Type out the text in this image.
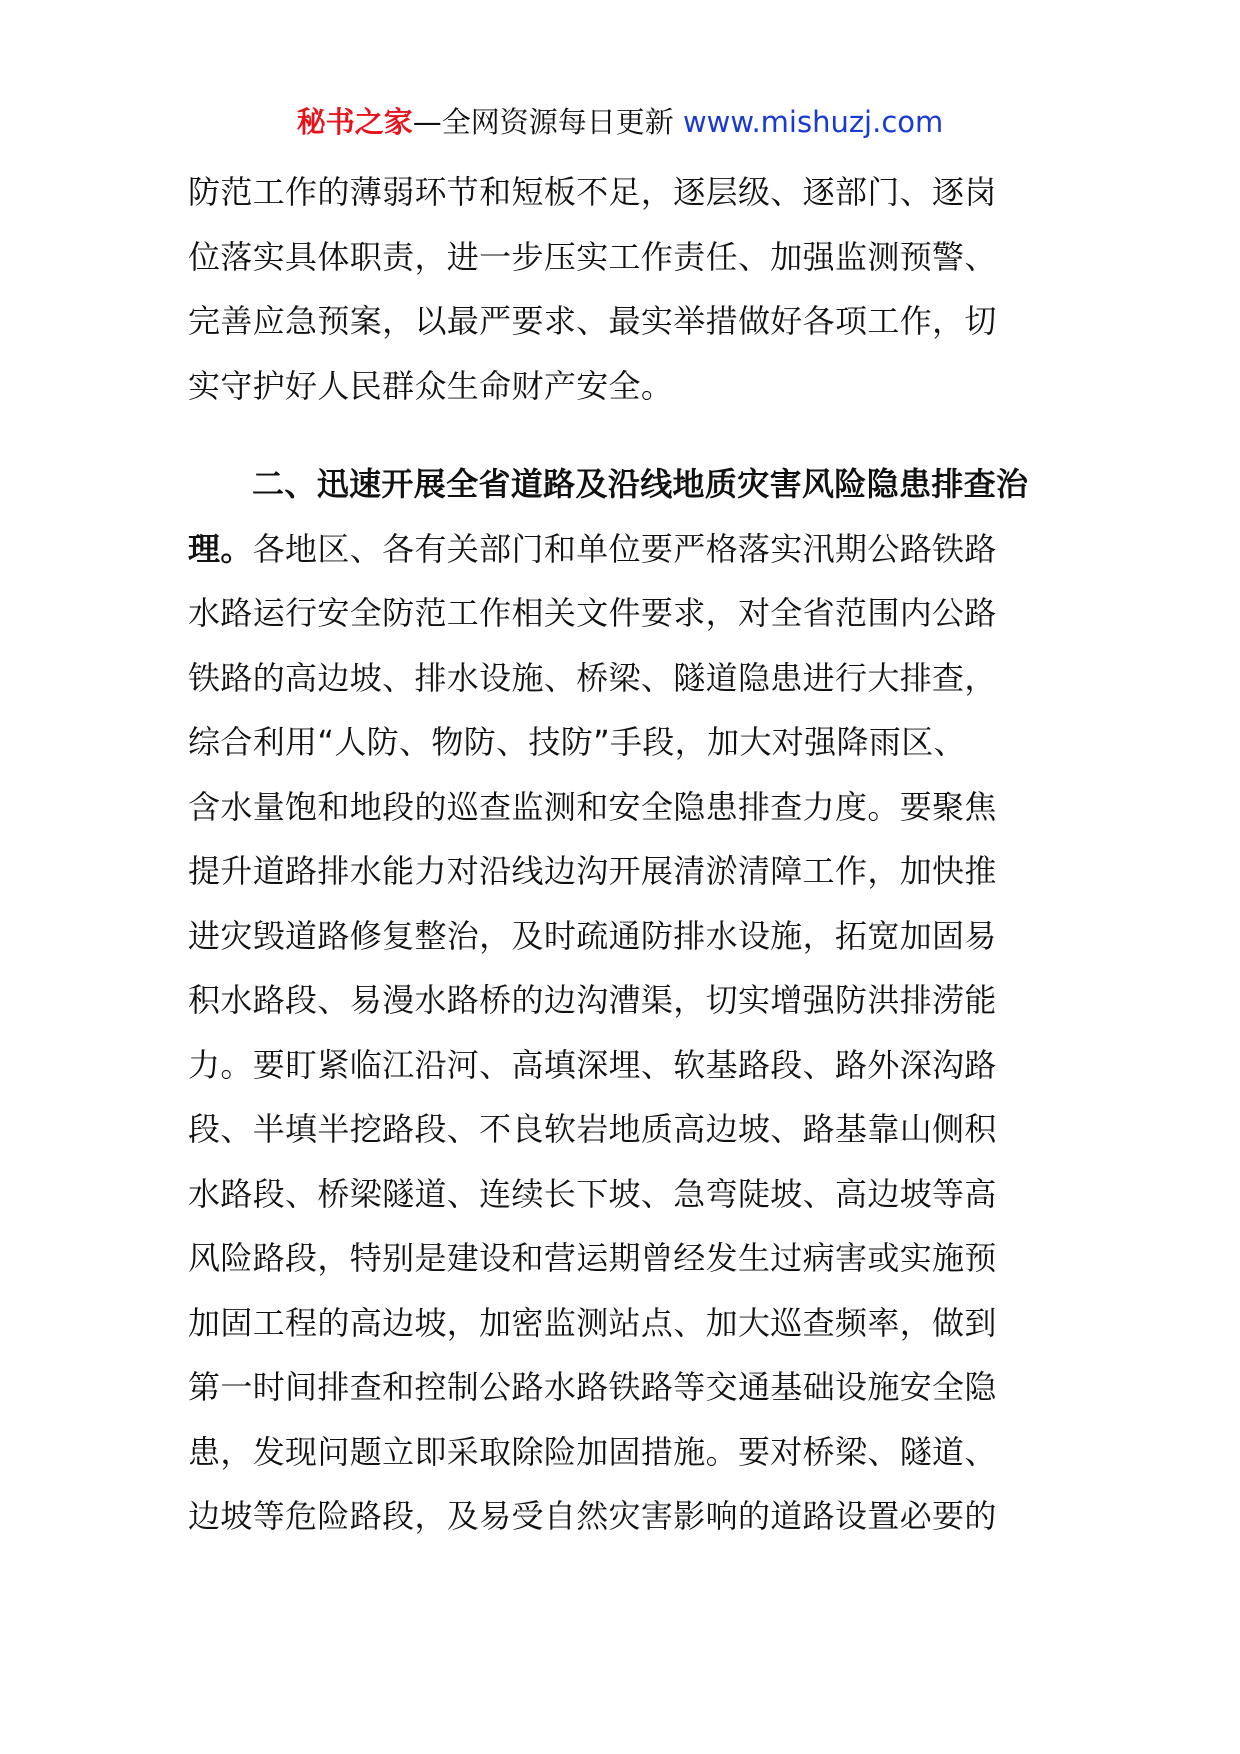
秘书之家—全网资源每日更新 www.mishuzj.com
防范工作的薄弱环节和短板不足，逐层级、逐部门、逐岗
位落实具体职责，进一步压实工作责任、加强监测预警、
完善应急预案，以最严要求、最实举措做好各项工作，切
实守护好人民群众生命财产安全。
二、迅速开展全省道路及沿线地质灾害风险隐患排查治
理。各地区、各有关部门和单位要严格落实汛期公路铁路
水路运行安全防范工作相关文件要求，对全省范围内公路
铁路的高边坡、排水设施、桥梁、隧道隐患进行大排查，
综合利用“人防、物防、技防”手段，加大对强降雨区、
含水量饱和地段的巡查监测和安全隐患排查力度。要聚焦
提升道路排水能力对沿线边沟开展清淤清障工作，加快推
进灾毁道路修复整治，及时疏通防排水设施，拓宽加固易
积水路段、易漫水路桥的边沟漕渠，切实增强防洪排涝能
力。要盯紧临江沿河、高填深埋、软基路段、路外深沟路
段、半填半挖路段、不良软岩地质高边坡、路基靠山侧积
水路段、桥梁隧道、连续长下坡、急弯陡坡、高边坡等高
风险路段，特别是建设和营运期曾经发生过病害或实施预
加固工程的高边坡，加密监测站点、加大巡查频率，做到
第一时间排查和控制公路水路铁路等交通基础设施安全隐
患，发现问题立即采取除险加固措施。要对桥梁、隧道、
边坡等危险路段，及易受自然灾害影响的道路设置必要的
